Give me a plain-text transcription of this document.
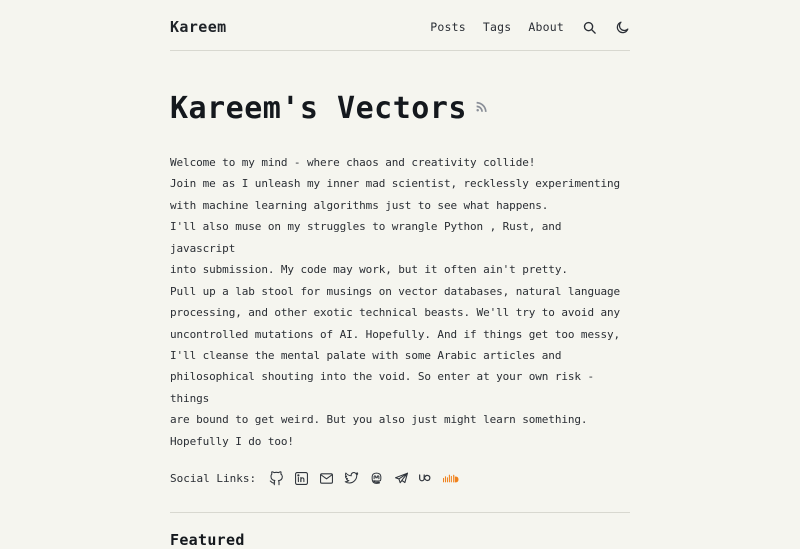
Kareem	Posts Tags About
Kareem's Vectors

Welcome to my mind - where chaos and creativity collide!

Join me as I unleash my inner mad scientist, recklessly experimenting

with machine learning algorithms just to see what happens.

I'll also muse on my struggles to wrangle Python , Rust, and javascript

into submission. My code may work, but it often ain't pretty.

Pull up a lab stool for musings on vector databases, natural language

processing, and other exotic technical beasts. We'll try to avoid any

uncontrolled mutations of AI. Hopefully. And if things get too messy,

I'll cleanse the mental palate with some Arabic articles and

philosophical shouting into the void. So enter at your own risk - things

are bound to get weird. But you also just might learn something.

Hopefully I do too!

Social Links:
Featured
